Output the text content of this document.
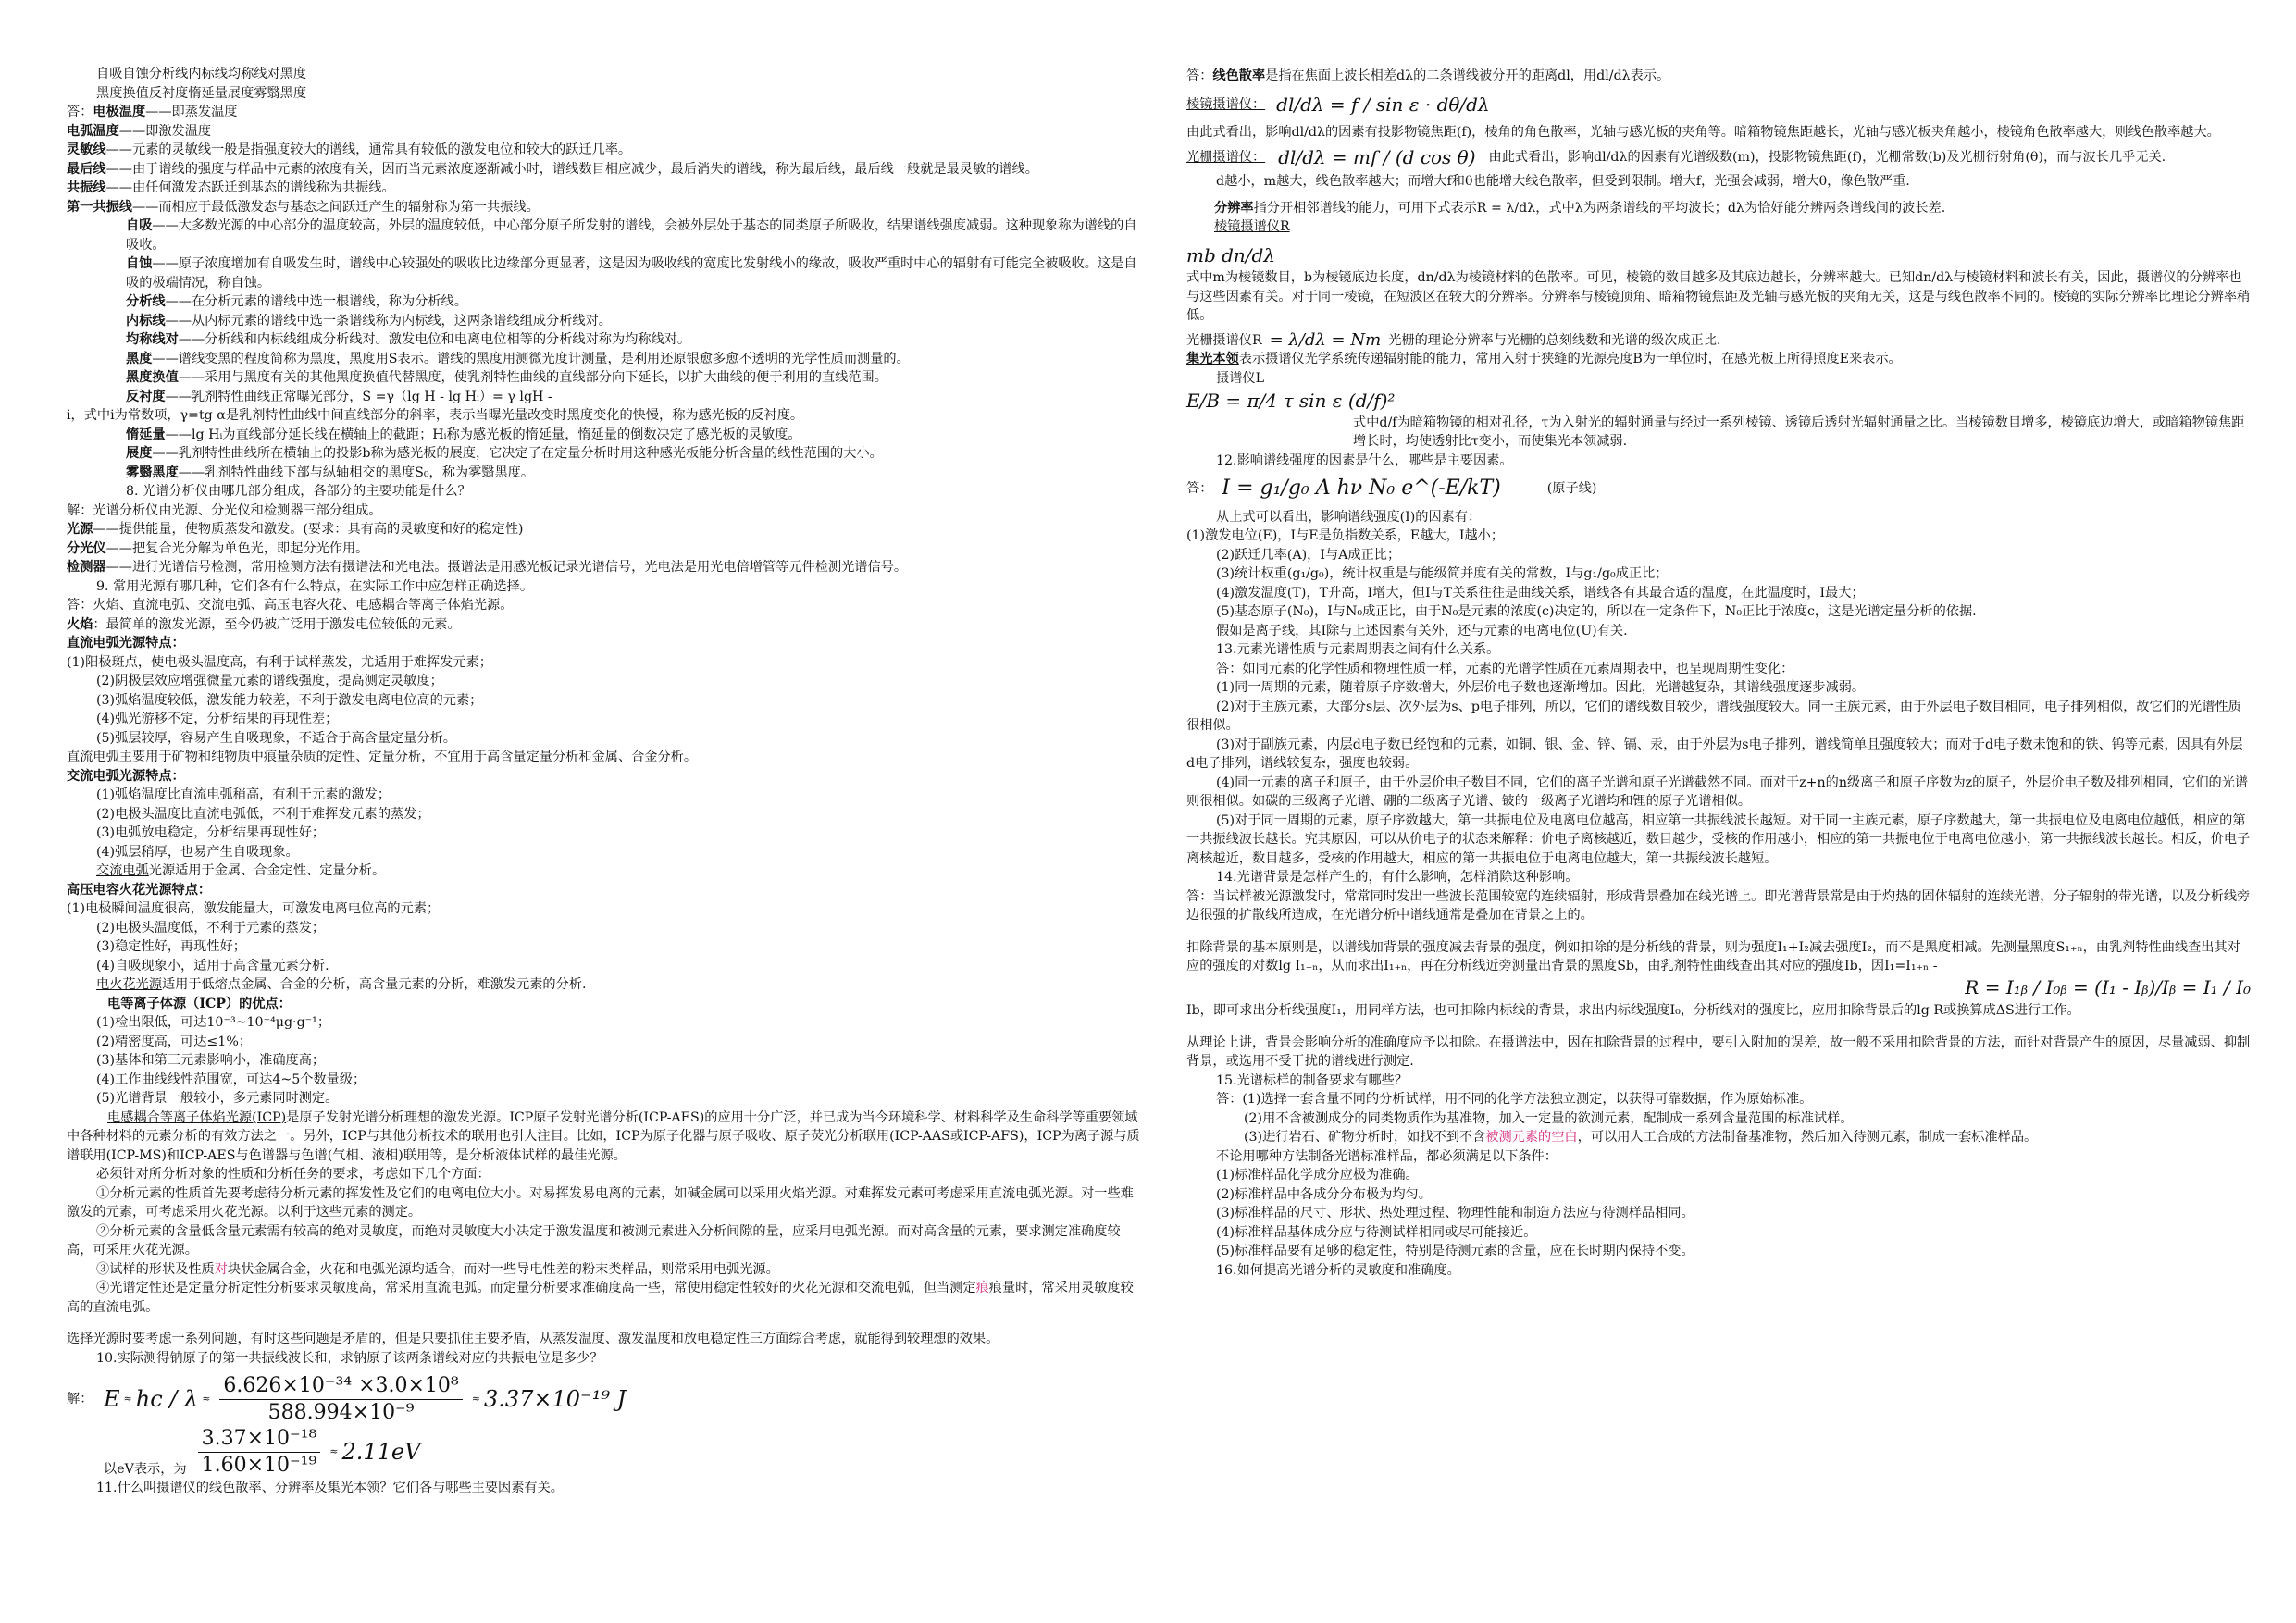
自吸自蚀分析线内标线均称线对黑度
黑度换值反衬度惰延量展度雾翳黑度
答：电极温度——即蒸发温度
电弧温度——即激发温度
灵敏线——元素的灵敏线一般是指强度较大的谱线，通常具有较低的激发电位和较大的跃迁几率。
最后线——由于谱线的强度与样品中元素的浓度有关，因而当元素浓度逐渐减小时，谱线数目相应减少，最后消失的谱线，称为最后线，最后线一般就是最灵敏的谱线。
共振线——由任何激发态跃迁到基态的谱线称为共振线。
第一共振线——而相应于最低激发态与基态之间跃迁产生的辐射称为第一共振线。
自吸——大多数光源的中心部分的温度较高，外层的温度较低，中心部分原子所发射的谱线，会被外层处于基态的同类原子所吸收，结果谱线强度减弱。这种现象称为谱线的自吸收。
自蚀——原子浓度增加有自吸发生时，谱线中心较强处的吸收比边缘部分更显著，这是因为吸收线的宽度比发射线小的缘故，吸收严重时中心的辐射有可能完全被吸收。这是自吸的极端情况，称自蚀。
分析线——在分析元素的谱线中选一根谱线，称为分析线。
内标线——从内标元素的谱线中选一条谱线称为内标线，这两条谱线组成分析线对。
均称线对——分析线和内标线组成分析线对。激发电位和电离电位相等的分析线对称为均称线对。
黑度——谱线变黑的程度简称为黑度，黑度用S表示。谱线的黑度用测微光度计测量，是利用还原银愈多愈不透明的光学性质而测量的。
黑度换值——采用与黑度有关的其他黑度换值代替黑度，使乳剂特性曲线的直线部分向下延长，以扩大曲线的便于利用的直线范围。
反衬度——乳剂特性曲线正常曝光部分，S =γ（lg H - lg Hᵢ）= γ lgH -
i，式中i为常数项，γ=tg α是乳剂特性曲线中间直线部分的斜率，表示当曝光量改变时黑度变化的快慢，称为感光板的反衬度。
惰延量——lg Hᵢ为直线部分延长线在横轴上的截距；Hᵢ称为感光板的惰延量，惰延量的倒数决定了感光板的灵敏度。
展度——乳剂特性曲线所在横轴上的投影b称为感光板的展度，它决定了在定量分析时用这种感光板能分析含量的线性范围的大小。
雾翳黑度——乳剂特性曲线下部与纵轴相交的黑度S₀，称为雾翳黑度。
8. 光谱分析仪由哪几部分组成，各部分的主要功能是什么？
解：光谱分析仪由光源、分光仪和检测器三部分组成。
光源——提供能量，使物质蒸发和激发。(要求：具有高的灵敏度和好的稳定性)
分光仪——把复合光分解为单色光，即起分光作用。
检测器——进行光谱信号检测，常用检测方法有摄谱法和光电法。摄谱法是用感光板记录光谱信号，光电法是用光电倍增管等元件检测光谱信号。
9. 常用光源有哪几种，它们各有什么特点，在实际工作中应怎样正确选择。
答：火焰、直流电弧、交流电弧、高压电容火花、电感耦合等离子体焰光源。
火焰：最简单的激发光源，至今仍被广泛用于激发电位较低的元素。
直流电弧光源特点：
(1)阳极斑点，使电极头温度高，有利于试样蒸发，尤适用于难挥发元素；
(2)阴极层效应增强微量元素的谱线强度，提高测定灵敏度；
(3)弧焰温度较低，激发能力较差，不利于激发电离电位高的元素；
(4)弧光游移不定，分析结果的再现性差；
(5)弧层较厚，容易产生自吸现象，不适合于高含量定量分析。
直流电弧主要用于矿物和纯物质中痕量杂质的定性、定量分析，不宜用于高含量定量分析和金属、合金分析。
交流电弧光源特点：
(1)弧焰温度比直流电弧稍高，有利于元素的激发；
(2)电极头温度比直流电弧低，不利于难挥发元素的蒸发；
(3)电弧放电稳定，分析结果再现性好；
(4)弧层稍厚，也易产生自吸现象。
交流电弧光源适用于金属、合金定性、定量分析。
高压电容火花光源特点：
(1)电极瞬间温度很高，激发能量大，可激发电离电位高的元素；
(2)电极头温度低，不利于元素的蒸发；
(3)稳定性好，再现性好；
(4)自吸现象小，适用于高含量元素分析.
电火花光源适用于低熔点金属、合金的分析，高含量元素的分析，难激发元素的分析.
电等离子体源（ICP）的优点：
(1)检出限低，可达10⁻³~10⁻⁴μg·g⁻¹；
(2)精密度高，可达≤1%；
(3)基体和第三元素影响小，准确度高；
(4)工作曲线线性范围宽，可达4~5个数量级；
(5)光谱背景一般较小，多元素同时测定。
电感耦合等离子体焰光源(ICP)是原子发射光谱分析理想的激发光源。ICP原子发射光谱分析(ICP-AES)的应用十分广泛，并已成为当今环境科学、材料科学及生命科学等重要领域中各种材料的元素分析的有效方法之一。另外，ICP与其他分析技术的联用也引人注目。比如，ICP为原子化器与原子吸收、原子荧光分析联用(ICP-AAS或ICP-AFS)，ICP为离子源与质谱联用(ICP-MS)和ICP-AES与色谱器与色谱(气相、液相)联用等，是分析液体试样的最佳光源。
必须针对所分析对象的性质和分析任务的要求，考虑如下几个方面：
①分析元素的性质首先要考虑待分析元素的挥发性及它们的电离电位大小。对易挥发易电离的元素，如碱金属可以采用火焰光源。对难挥发元素可考虑采用直流电弧光源。对一些难激发的元素，可考虑采用火花光源。以利于这些元素的测定。
②分析元素的含量低含量元素需有较高的绝对灵敏度，而绝对灵敏度大小决定于激发温度和被测元素进入分析间隙的量，应采用电弧光源。而对高含量的元素，要求测定准确度较高，可采用火花光源。
③试样的形状及性质对块状金属合金，火花和电弧光源均适合，而对一些导电性差的粉末类样品，则常采用电弧光源。
④光谱定性还是定量分析定性分析要求灵敏度高，常采用直流电弧。而定量分析要求准确度高一些，常使用稳定性较好的火花光源和交流电弧，但当测定痕痕量时，常采用灵敏度较高的直流电弧。
选择光源时要考虑一系列问题，有时这些问题是矛盾的，但是只要抓住主要矛盾，从蒸发温度、激发温度和放电稳定性三方面综合考虑，就能得到较理想的效果。
10.实际测得钠原子的第一共振线波长和，求钠原子该两条谱线对应的共振电位是多少？
解： E ≈ hc / $\lambda \approx \frac{\text{6.626×10⁻³⁴ ×3.0×10⁸}}{\text{588.994×10⁻⁹}} \approx 3.37\times 10^{-19}$ J
以eV表示，为 $\frac{\text{3.37×10⁻¹⁸}}{\text{1.60×10⁻¹⁹}} \approx 2.11eV$
11.什么叫摄谱仪的线色散率、分辨率及集光本领？它们各与哪些主要因素有关。
答：线色散率是指在焦面上波长相差dλ的二条谱线被分开的距离dl，用dl/dλ表示。
棱镜摄谱仪： dl/dλ = f / sin ε · dθ/dλ
由此式看出，影响dl/dλ的因素有投影物镜焦距(f)，棱角的角色散率，光轴与感光板的夹角等。暗箱物镜焦距越长，光轴与感光板夹角越小，棱镜角色散率越大，则线色散率越大。
光栅摄谱仪： dl/dλ = mf / (d cos θ) 由此式看出，影响dl/dλ的因素有光谱级数(m)，投影物镜焦距(f)，光栅常数(b)及光栅衍射角(θ)，而与波长几乎无关.
d越小，m越大，线色散率越大；而增大f和θ也能增大线色散率，但受到限制。增大f，光强会减弱，增大θ，像色散严重.
分辨率指分开相邻谱线的能力，可用下式表示R = λ/dλ，式中λ为两条谱线的平均波长；dλ为恰好能分辨两条谱线间的波长差.
棱镜摄谱仪R
mb dn/dλ
式中m为棱镜数目，b为棱镜底边长度，dn/dλ为棱镜材料的色散率。可见，棱镜的数目越多及其底边越长，分辨率越大。已知dn/dλ与棱镜材料和波长有关，因此，摄谱仪的分辨率也与这些因素有关。对于同一棱镜，在短波区在较大的分辨率。分辨率与棱镜顶角、暗箱物镜焦距及光轴与感光板的夹角无关，这是与线色散率不同的。棱镜的实际分辨率比理论分辨率稍低。
光栅摄谱仪R = λ/dλ = Nm 光栅的理论分辨率与光栅的总刻线数和光谱的级次成正比.
集光本领表示摄谱仪光学系统传递辐射能的能力，常用入射于狭缝的光源亮度B为一单位时，在感光板上所得照度E来表示。
摄谱仪L
E/B = π/4 τ sin ε (d/f)²
式中d/f为暗箱物镜的相对孔径，τ为入射光的辐射通量与经过一系列棱镜、透镜后透射光辐射通量之比。当棱镜数目增多，棱镜底边增大，或暗箱物镜焦距增长时，均使透射比τ变小，而使集光本领减弱.
12.影响谱线强度的因素是什么，哪些是主要因素。
答： I = g₁/g₀ A hν N₀ e^(-E/kT)	(原子线)
从上式可以看出，影响谱线强度(I)的因素有：
(1)激发电位(E)，I与E是负指数关系，E越大，I越小；
(2)跃迁几率(A)，I与A成正比；
(3)统计权重(g₁/g₀)，统计权重是与能级简并度有关的常数，I与g₁/g₀成正比；
(4)激发温度(T)，T升高，I增大，但I与T关系往往是曲线关系，谱线各有其最合适的温度，在此温度时，I最大；
(5)基态原子(N₀)，I与N₀成正比，由于N₀是元素的浓度(c)决定的，所以在一定条件下，N₀正比于浓度c，这是光谱定量分析的依据.
假如是离子线，其I除与上述因素有关外，还与元素的电离电位(U)有关.
13.元素光谱性质与元素周期表之间有什么关系。
答：如同元素的化学性质和物理性质一样，元素的光谱学性质在元素周期表中，也呈现周期性变化：
(1)同一周期的元素，随着原子序数增大，外层价电子数也逐渐增加。因此，光谱越复杂，其谱线强度逐步减弱。
(2)对于主族元素，大部分s层、次外层为s、p电子排列，所以，它们的谱线数目较少，谱线强度较大。同一主族元素，由于外层电子数目相同，电子排列相似，故它们的光谱性质很相似。
(3)对于副族元素，内层d电子数已经饱和的元素，如铜、银、金、锌、镉、汞，由于外层为s电子排列，谱线简单且强度较大；而对于d电子数未饱和的铁、钨等元素，因具有外层d电子排列，谱线较复杂，强度也较弱。
(4)同一元素的离子和原子，由于外层价电子数目不同，它们的离子光谱和原子光谱截然不同。而对于z+n的n级离子和原子序数为z的原子，外层价电子数及排列相同，它们的光谱则很相似。如碳的三级离子光谱、硼的二级离子光谱、铍的一级离子光谱均和锂的原子光谱相似。
(5)对于同一周期的元素，原子序数越大，第一共振电位及电离电位越高，相应第一共振线波长越短。对于同一主族元素，原子序数越大，第一共振电位及电离电位越低，相应的第一共振线波长越长。究其原因，可以从价电子的状态来解释：价电子离核越近，数目越少，受核的作用越小，相应的第一共振电位于电离电位越小，第一共振线波长越长。相反，价电子离核越近，数目越多，受核的作用越大，相应的第一共振电位于电离电位越大，第一共振线波长越短。
14.光谱背景是怎样产生的，有什么影响，怎样消除这种影响。
答：当试样被光源激发时，常常同时发出一些波长范围较宽的连续辐射，形成背景叠加在线光谱上。即光谱背景常是由于灼热的固体辐射的连续光谱，分子辐射的带光谱，以及分析线旁边很强的扩散线所造成，在光谱分析中谱线通常是叠加在背景之上的。
扣除背景的基本原则是，以谱线加背景的强度减去背景的强度，例如扣除的是分析线的背景，则为强度I₁+I₂减去强度I₂，而不是黑度相减。先测量黑度S₁₊ₙ，由乳剂特性曲线查出其对应的强度的对数lg I₁₊ₙ，从而求出I₁₊ₙ，再在分析线近旁测量出背景的黑度Sb，由乳剂特性曲线查出其对应的强度Ib，因I₁=I₁₊ₙ -
R = I₁ᵦ / I₀ᵦ = (I₁ - Iᵦ)/Iᵦ = I₁ / I₀
Ib，即可求出分析线强度I₁，用同样方法，也可扣除内标线的背景，求出内标线强度I₀，分析线对的强度比，应用扣除背景后的lg R或换算成ΔS进行工作。
从理论上讲，背景会影响分析的准确度应予以扣除。在摄谱法中，因在扣除背景的过程中，要引入附加的误差，故一般不采用扣除背景的方法，而针对背景产生的原因，尽量减弱、抑制背景，或选用不受干扰的谱线进行测定.
15.光谱标样的制备要求有哪些？
答：(1)选择一套含量不同的分析试样，用不同的化学方法独立测定，以获得可靠数据，作为原始标准。
(2)用不含被测成分的同类物质作为基准物，加入一定量的欲测元素，配制成一系列含量范围的标准试样。
(3)进行岩石、矿物分析时，如找不到不含被测元素的空白，可以用人工合成的方法制备基准物，然后加入待测元素，制成一套标准样品。
不论用哪种方法制备光谱标准样品，都必须满足以下条件：
(1)标准样品化学成分应极为准确。
(2)标准样品中各成分分布极为均匀。
(3)标准样品的尺寸、形状、热处理过程、物理性能和制造方法应与待测样品相同。
(4)标准样品基体成分应与待测试样相同或尽可能接近。
(5)标准样品要有足够的稳定性，特别是待测元素的含量，应在长时期内保持不变。
16.如何提高光谱分析的灵敏度和准确度。
